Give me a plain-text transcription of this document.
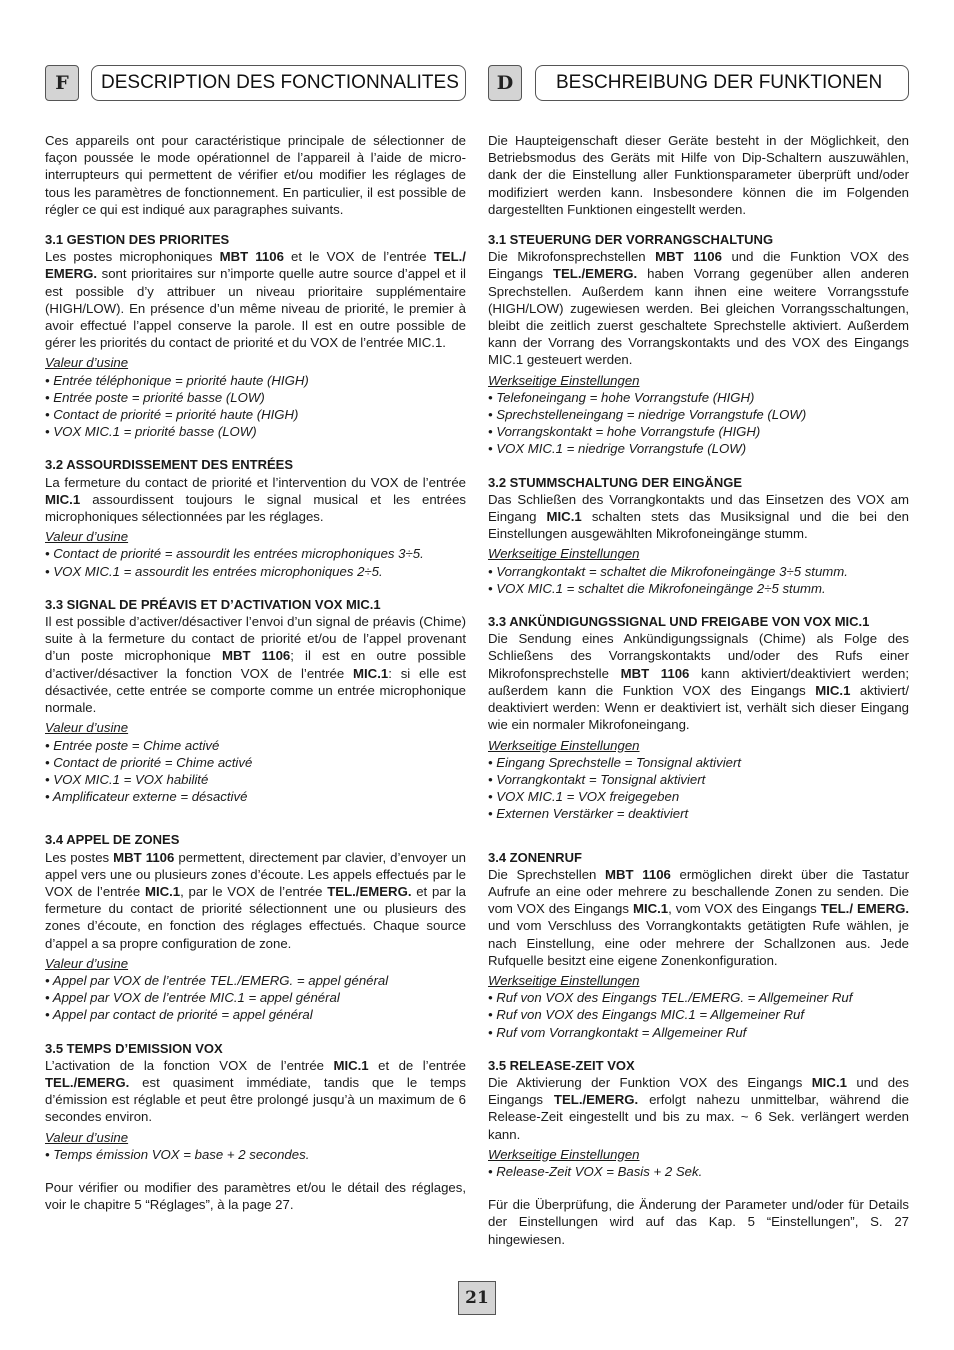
F	DESCRIPTION DES FONCTIONNALITES	D	BESCHREIBUNG DER FUNKTIONEN

Ces appareils ont pour caractéristique principale de sélectionner de façon poussée le mode opérationnel de l’appareil à l’aide de micro-interrupteurs qui permettent de vérifier et/ou modifier les réglages de tous les paramètres de fonctionnement. En particulier, il est possible de régler ce qui est indiqué aux paragraphes suivants.

3.1 GESTION DES PRIORITES

Les postes microphoniques MBT 1106 et le VOX de l’entrée TEL./ EMERG. sont prioritaires sur n’importe quelle autre source d’appel et il est possible d’y attribuer un niveau prioritaire supplémentaire (HIGH/LOW). En présence d’un même niveau de priorité, le premier à avoir effectué l’appel conserve la parole. Il est en outre possible de gérer les priorités du contact de priorité et du VOX de l’entrée MIC.1.

Valeur d’usine
• Entrée téléphonique = priorité haute (HIGH)
• Entrée poste = priorité basse (LOW)
• Contact de priorité = priorité haute (HIGH)
• VOX MIC.1 = priorité basse (LOW)
3.2 ASSOURDISSEMENT DES ENTRÉES

La fermeture du contact de priorité et l’intervention du VOX de l’entrée MIC.1 assourdissent toujours le signal musical et les entrées microphoniques sélectionnées par les réglages.

Valeur d’usine
• Contact de priorité = assourdit les entrées microphoniques 3÷5.
• VOX MIC.1 = assourdit les entrées microphoniques 2÷5.
3.3 SIGNAL DE PRÉAVIS ET D’ACTIVATION VOX MIC.1

Il est possible d’activer/désactiver l’envoi d’un signal de préavis (Chime) suite à la fermeture du contact de priorité et/ou de l’appel provenant d’un poste microphonique MBT 1106; il est en outre possible d’activer/désactiver la fonction VOX de l’entrée MIC.1: si elle est désactivée, cette entrée se comporte comme un entrée microphonique normale.

Valeur d’usine
• Entrée poste = Chime activé
• Contact de priorité = Chime activé
• VOX MIC.1 = VOX habilité
• Amplificateur externe = désactivé
3.4 APPEL DE ZONES

Les postes MBT 1106 permettent, directement par clavier, d’envoyer un appel vers une ou plusieurs zones d’écoute. Les appels effectués par le VOX de l’entrée MIC.1, par le VOX de l’entrée TEL./EMERG. et par la fermeture du contact de priorité sélectionnent une ou plusieurs des zones d’écoute, en fonction des réglages effectués. Chaque source d’appel a sa propre configuration de zone.

Valeur d’usine
• Appel par VOX de l’entrée TEL./EMERG. = appel général
• Appel par VOX de l’entrée MIC.1 = appel général
• Appel par contact de priorité = appel général
3.5 TEMPS D’EMISSION VOX

L’activation de la fonction VOX de l’entrée MIC.1 et de l’entrée TEL./EMERG. est quasiment immédiate, tandis que le temps d’émission est réglable et peut être prolongé jusqu’à un maximum de 6 secondes environ.

Valeur d’usine
• Temps émission VOX = base + 2 secondes.

Pour vérifier ou modifier des paramètres et/ou le détail des réglages, voir le chapitre 5 “Réglages”, à la page 27.

Die Haupteigenschaft dieser Geräte besteht in der Möglichkeit, den Betriebsmodus des Geräts mit Hilfe von Dip-Schaltern auszuwählen, dank der die Einstellung aller Funktionsparameter überprüft und/oder modifiziert werden kann. Insbesondere können die im Folgenden dargestellten Funktionen eingestellt werden.

3.1 STEUERUNG DER VORRANGSCHALTUNG

Die Mikrofonsprechstellen MBT 1106 und die Funktion VOX des Eingangs TEL./EMERG. haben Vorrang gegenüber allen anderen Sprechstellen. Außerdem kann ihnen eine weitere Vorrangsstufe (HIGH/LOW) zugewiesen werden. Bei gleichen Vorrangsschaltungen, bleibt die zeitlich zuerst geschaltete Sprechstelle aktiviert. Außerdem kann der Vorrang des Vorrangskontakts und des VOX des Eingangs MIC.1 gesteuert werden.

Werkseitige Einstellungen
• Telefoneingang = hohe Vorrangstufe (HIGH)
• Sprechstelleneingang = niedrige Vorrangstufe (LOW)
• Vorrangskontakt = hohe Vorrangstufe (HIGH)
• VOX MIC.1 = niedrige Vorrangstufe (LOW)
3.2 STUMMSCHALTUNG DER EINGÄNGE

Das Schließen des Vorrangkontakts und das Einsetzen des VOX am Eingang MIC.1 schalten stets das Musiksignal und die bei den Einstellungen ausgewählten Mikrofoneingänge stumm.

Werkseitige Einstellungen
• Vorrangkontakt = schaltet die Mikrofoneingänge 3÷5 stumm.
• VOX MIC.1 = schaltet die Mikrofoneingänge 2÷5 stumm.
3.3 ANKÜNDIGUNGSSIGNAL UND FREIGABE VON VOX MIC.1

Die Sendung eines Ankündigungssignals (Chime) als Folge des Schließens des Vorrangskontakts und/oder des Rufs einer Mikrofonsprechstelle MBT 1106 kann aktiviert/deaktiviert werden; außerdem kann die Funktion VOX des Eingangs MIC.1 aktiviert/ deaktiviert werden: Wenn er deaktiviert ist, verhält sich dieser Eingang wie ein normaler Mikrofoneingang.

Werkseitige Einstellungen
• Eingang Sprechstelle = Tonsignal aktiviert
• Vorrangkontakt = Tonsignal aktiviert
• VOX MIC.1 = VOX freigegeben
• Externen Verstärker = deaktiviert
3.4 ZONENRUF

Die Sprechstellen MBT 1106 ermöglichen direkt über die Tastatur Aufrufe an eine oder mehrere zu beschallende Zonen zu senden. Die vom VOX des Eingangs MIC.1, vom VOX des Eingangs TEL./ EMERG. und vom Verschluss des Vorrangkontakts getätigten Rufe wählen, je nach Einstellung, eine oder mehrere der Schallzonen aus. Jede Rufquelle besitzt eine eigene Zonenkonfiguration.

Werkseitige Einstellungen
• Ruf von VOX des Eingangs TEL./EMERG. = Allgemeiner Ruf
• Ruf von VOX des Eingangs MIC.1 = Allgemeiner Ruf
• Ruf vom Vorrangkontakt = Allgemeiner Ruf
3.5 RELEASE-ZEIT VOX

Die Aktivierung der Funktion VOX des Eingangs MIC.1 und des Eingangs TEL./EMERG. erfolgt nahezu unmittelbar, während die Release-Zeit eingestellt und bis zu max. ~ 6 Sek. verlängert werden kann.

Werkseitige Einstellungen
• Release-Zeit VOX = Basis + 2 Sek.

Für die Überprüfung, die Änderung der Parameter und/oder für Details der Einstellungen wird auf das Kap. 5 “Einstellungen”, S. 27 hingewiesen.

21
